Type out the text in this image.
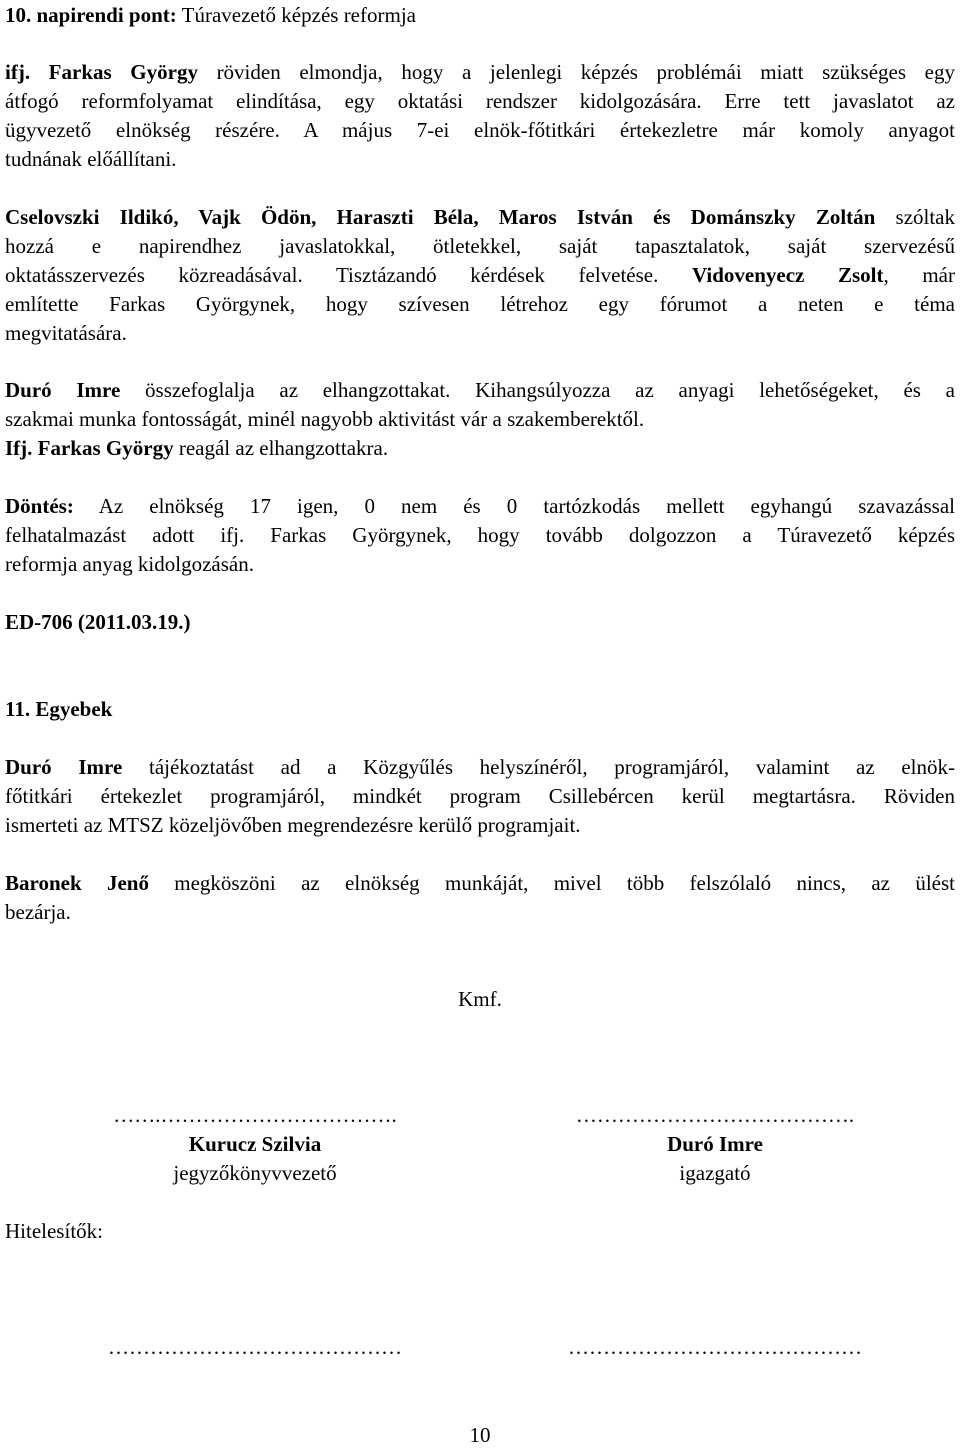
10. napirendi pont: Túravezető képzés reformja
ifj. Farkas György röviden elmondja, hogy a jelenlegi képzés problémái miatt szükséges egy
átfogó reformfolyamat elindítása, egy oktatási rendszer kidolgozására. Erre tett javaslatot az
ügyvezető elnökség részére. A május 7-ei elnök-főtitkári értekezletre már komoly anyagot
tudnának előállítani.
Cselovszki Ildikó, Vajk Ödön, Haraszti Béla, Maros István és Dománszky Zoltán szóltak
hozzá e napirendhez javaslatokkal, ötletekkel, saját tapasztalatok, saját szervezésű
oktatásszervezés közreadásával. Tisztázandó kérdések felvetése. Vidovenyecz Zsolt, már
említette Farkas Györgynek, hogy szívesen létrehoz egy fórumot a neten e téma
megvitatására.
Duró Imre összefoglalja az elhangzottakat. Kihangsúlyozza az anyagi lehetőségeket, és a
szakmai munka fontosságát, minél nagyobb aktivitást vár a szakemberektől.
Ifj. Farkas György reagál az elhangzottakra.
Döntés: Az elnökség 17 igen, 0 nem és 0 tartózkodás mellett egyhangú szavazással
felhatalmazást adott ifj. Farkas Györgynek, hogy tovább dolgozzon a Túravezető képzés
reformja anyag kidolgozásán.
ED-706 (2011.03.19.)
11. Egyebek
Duró Imre tájékoztatást ad a Közgyűlés helyszínéről, programjáról, valamint az elnök-
főtitkári értekezlet programjáról, mindkét program Csillebércen kerül megtartásra. Röviden
ismerteti az MTSZ közeljövőben megrendezésre kerülő programjait.
Baronek Jenő megköszöni az elnökség munkáját, mivel több felszólaló nincs, az ülést
bezárja.
Kmf.
…….…………………………….	………………………………….
Kurucz Szilvia	Duró Imre
jegyzőkönyvvezető	igazgató
Hitelesítők:
……………………………………	……………………………………
10
